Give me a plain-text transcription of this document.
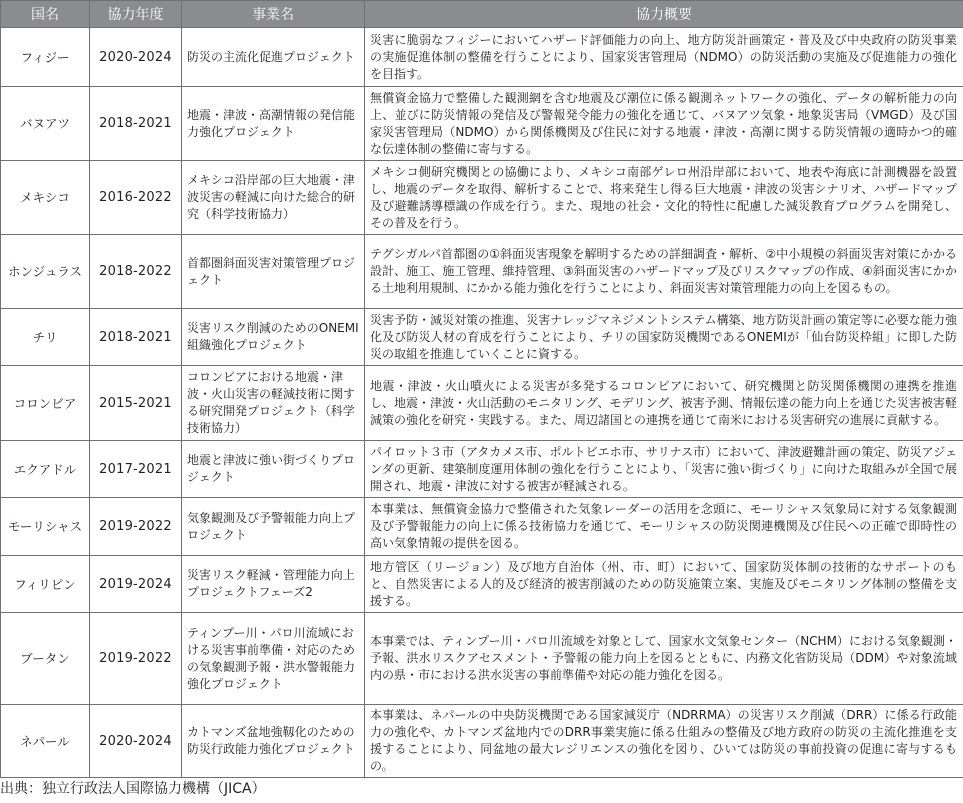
国名	協力年度	事業名	協力概要
フィジー	2020-2024	防災の主流化促進プロジェクト	災害に脆弱なフィジーにおいてハザード評価能力の向上、地方防災計画策定・普及及び中央政府の防災事業の実施促進体制の整備を行うことにより、国家災害管理局（NDMO）の防災活動の実施及び促進能力の強化を目指す。
バヌアツ	2018-2021	地震・津波・高潮情報の発信能力強化プロジェクト	無償資金協力で整備した観測網を含む地震及び潮位に係る観測ネットワークの強化、データの解析能力の向上、並びに防災情報の発信及び警報発令能力の強化を通じて、バヌアツ気象・地象災害局（VMGD）及び国家災害管理局（NDMO）から関係機関及び住民に対する地震・津波・高潮に関する防災情報の適時かつ的確な伝達体制の整備に寄与する。
メキシコ	2016-2022	メキシコ沿岸部の巨大地震・津波災害の軽減に向けた総合的研究（科学技術協力）	メキシコ側研究機関との協働により、メキシコ南部ゲレロ州沿岸部において、地表や海底に計測機器を設置し、地震のデータを取得、解析することで、将来発生し得る巨大地震・津波の災害シナリオ、ハザードマップ及び避難誘導標識の作成を行う。また、現地の社会・文化的特性に配慮した減災教育プログラムを開発し、その普及を行う。
ホンジュラス	2018-2022	首都圏斜面災害対策管理プロジェクト	テグシガルパ首都圏の①斜面災害現象を解明するための詳細調査・解析、②中小規模の斜面災害対策にかかる設計、施工、施工管理、維持管理、③斜面災害のハザードマップ及びリスクマップの作成、④斜面災害にかかる土地利用規制、にかかる能力強化を行うことにより、斜面災害対策管理能力の向上を図るもの。
チリ	2018-2021	災害リスク削減のためのONEMI組織強化プロジェクト	災害予防・減災対策の推進、災害ナレッジマネジメントシステム構築、地方防災計画の策定等に必要な能力強化及び防災人材の育成を行うことにより、チリの国家防災機関であるONEMIが「仙台防災枠組」に即した防災の取組を推進していくことに資する。
コロンビア	2015-2021	コロンビアにおける地震・津波・火山災害の軽減技術に関する研究開発プロジェクト（科学技術協力）	地震・津波・火山噴火による災害が多発するコロンビアにおいて、研究機関と防災関係機関の連携を推進し、地震・津波・火山活動のモニタリング、モデリング、被害予測、情報伝達の能力向上を通じた災害被害軽減策の強化を研究・実践する。また、周辺諸国との連携を通じて南米における災害研究の進展に貢献する。
エクアドル	2017-2021	地震と津波に強い街づくりプロジェクト	パイロット３市（アタカメス市、ポルトビエホ市、サリナス市）において、津波避難計画の策定、防災アジェンダの更新、建築制度運用体制の強化を行うことにより、「災害に強い街づくり」に向けた取組みが全国で展開され、地震・津波に対する被害が軽減される。
モーリシャス	2019-2022	気象観測及び予警報能力向上プロジェクト	本事業は、無償資金協力で整備された気象レーダーの活用を念頭に、モーリシャス気象局に対する気象観測及び予警報能力の向上に係る技術協力を通じて、モーリシャスの防災関連機関及び住民への正確で即時性の高い気象情報の提供を図る。
フィリピン	2019-2024	災害リスク軽減・管理能力向上プロジェクトフェーズ2	地方管区（リージョン）及び地方自治体（州、市、町）において、国家防災体制の技術的なサポートのもと、自然災害による人的及び経済的被害削減のための防災施策立案、実施及びモニタリング体制の整備を支援する。
ブータン	2019-2022	ティンプー川・パロ川流域における災害事前準備・対応のための気象観測予報・洪水警報能力強化プロジェクト	本事業では、ティンプー川・パロ川流域を対象として、国家水文気象センター（NCHM）における気象観測・予報、洪水リスクアセスメント・予警報の能力向上を図るとともに、内務文化省防災局（DDM）や対象流域内の県・市における洪水災害の事前準備や対応の能力強化を図る。
ネパール	2020-2024	カトマンズ盆地強靱化のための防災行政能力強化プロジェクト	本事業は、ネパールの中央防災機関である国家減災庁（NDRRMA）の災害リスク削減（DRR）に係る行政能力の強化や、カトマンズ盆地内でのDRR事業実施に係る仕組みの整備及び地方政府の防災の主流化推進を支援することにより、同盆地の最大レジリエンスの強化を図り、ひいては防災の事前投資の促進に寄与するもの。
出典：独立行政法人国際協力機構（JICA）
